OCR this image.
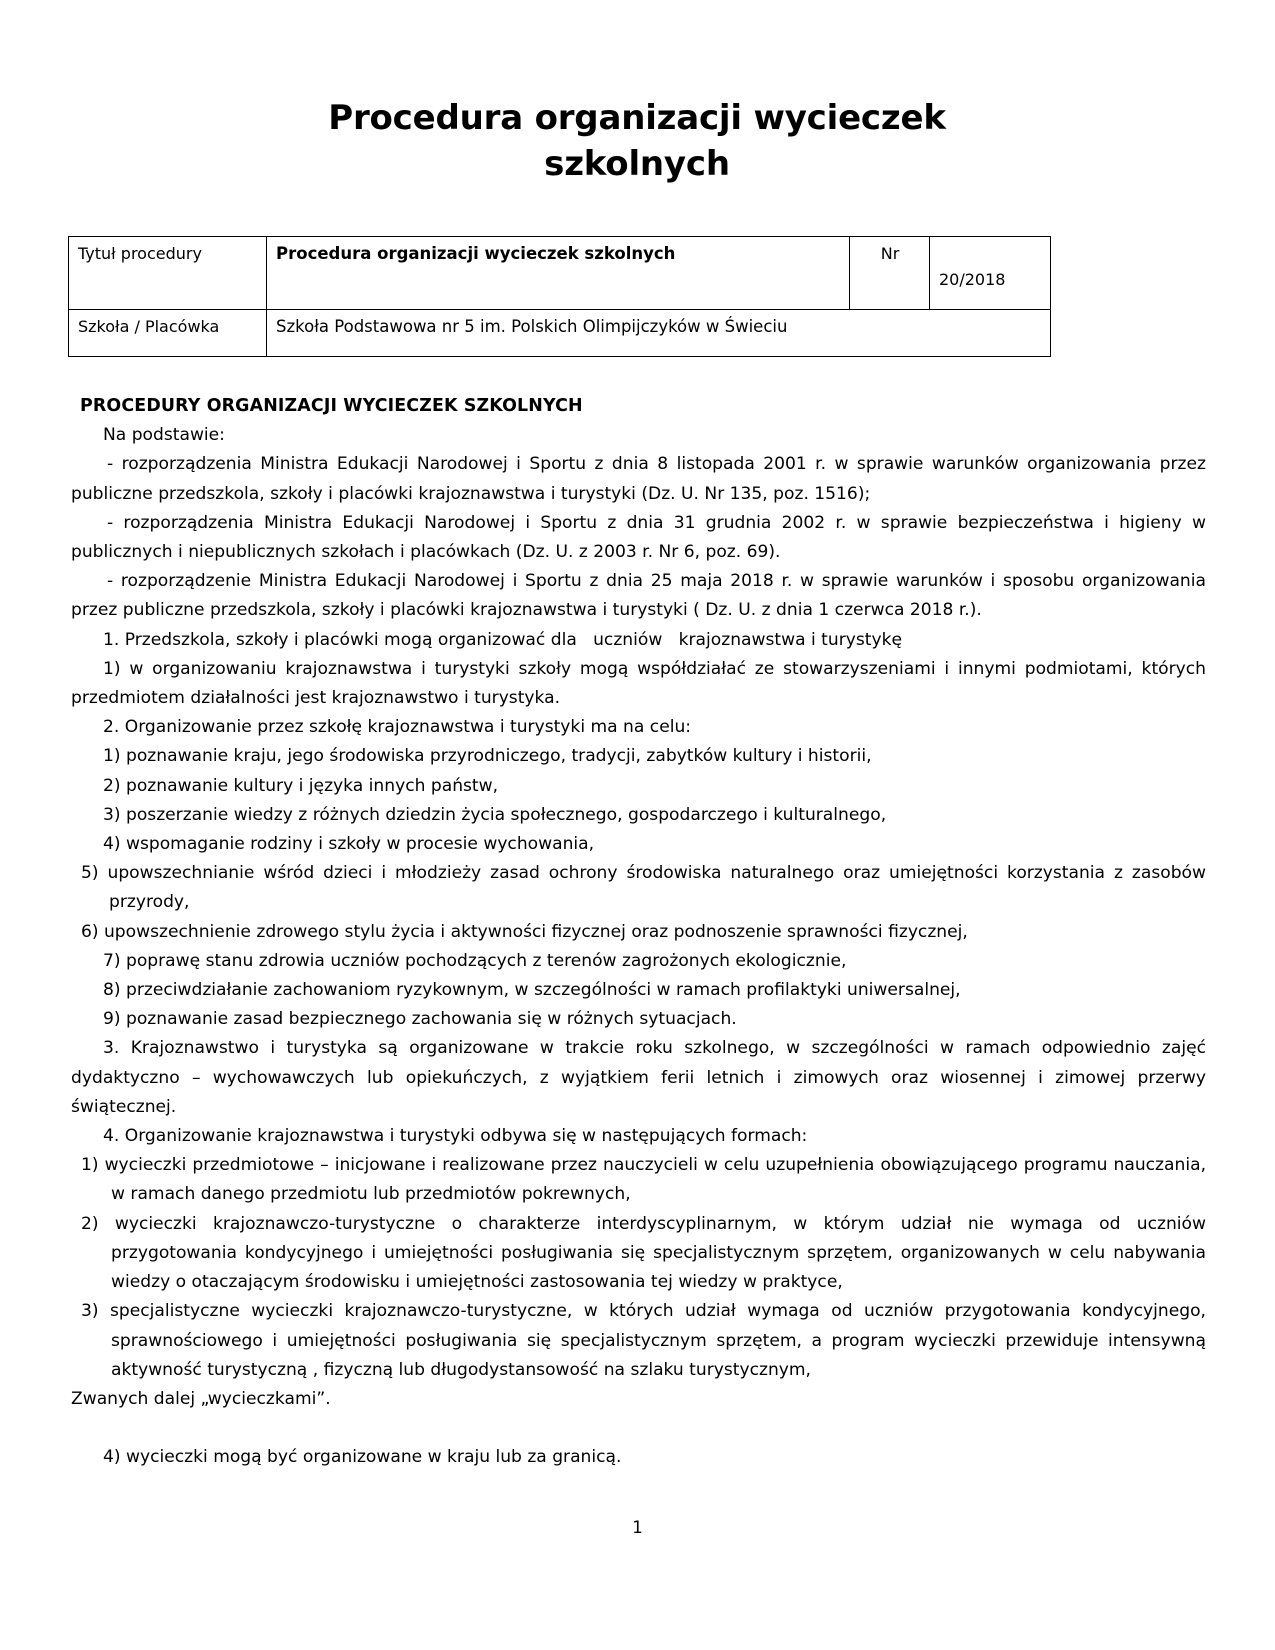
Procedura organizacji wycieczek szkolnych
Tytuł procedury	Procedura organizacji wycieczek szkolnych	Nr	20/2018

Szkoła / Placówka	Szkoła Podstawowa nr 5 im. Polskich Olimpijczyków w Świeciu		

PROCEDURY ORGANIZACJI WYCIECZEK SZKOLNYCH

Na podstawie:

- rozporządzenia Ministra Edukacji Narodowej i Sportu z dnia 8 listopada 2001 r. w sprawie warunków organizowania przez publiczne przedszkola, szkoły i placówki krajoznawstwa i turystyki (Dz. U. Nr 135, poz. 1516);

- rozporządzenia Ministra Edukacji Narodowej i Sportu z dnia 31 grudnia 2002 r. w sprawie bezpieczeństwa i higieny w publicznych i niepublicznych szkołach i placówkach (Dz. U. z 2003 r. Nr 6, poz. 69).

- rozporządzenie Ministra Edukacji Narodowej i Sportu z dnia 25 maja 2018 r. w sprawie warunków i sposobu organizowania przez publiczne przedszkola, szkoły i placówki krajoznawstwa i turystyki ( Dz. U. z dnia 1 czerwca 2018 r.).

1. Przedszkola, szkoły i placówki mogą organizować dla   uczniów   krajoznawstwa i turystykę

1) w organizowaniu krajoznawstwa i turystyki szkoły mogą współdziałać ze stowarzyszeniami i innymi podmiotami, których przedmiotem działalności jest krajoznawstwo i turystyka.

2. Organizowanie przez szkołę krajoznawstwa i turystyki ma na celu:

1) poznawanie kraju, jego środowiska przyrodniczego, tradycji, zabytków kultury i historii,

2) poznawanie kultury i języka innych państw,

3) poszerzanie wiedzy z różnych dziedzin życia społecznego, gospodarczego i kulturalnego,

4) wspomaganie rodziny i szkoły w procesie wychowania,

5) upowszechnianie wśród dzieci i młodzieży zasad ochrony środowiska naturalnego oraz umiejętności korzystania z zasobów przyrody,

6) upowszechnienie zdrowego stylu życia i aktywności fizycznej oraz podnoszenie sprawności fizycznej,

7) poprawę stanu zdrowia uczniów pochodzących z terenów zagrożonych ekologicznie,

8) przeciwdziałanie zachowaniom ryzykownym, w szczególności w ramach profilaktyki uniwersalnej,

9) poznawanie zasad bezpiecznego zachowania się w różnych sytuacjach.

3. Krajoznawstwo i turystyka są organizowane w trakcie roku szkolnego, w szczególności w ramach odpowiednio zajęć dydaktyczno – wychowawczych lub opiekuńczych, z wyjątkiem ferii letnich i zimowych oraz wiosennej i zimowej przerwy świątecznej.

4. Organizowanie krajoznawstwa i turystyki odbywa się w następujących formach:

1) wycieczki przedmiotowe – inicjowane i realizowane przez nauczycieli w celu uzupełnienia obowiązującego programu nauczania, w ramach danego przedmiotu lub przedmiotów pokrewnych,

2) wycieczki krajoznawczo-turystyczne o charakterze interdyscyplinarnym, w którym udział nie wymaga od uczniów przygotowania kondycyjnego i umiejętności posługiwania się specjalistycznym sprzętem, organizowanych w celu nabywania wiedzy o otaczającym środowisku i umiejętności zastosowania tej wiedzy w praktyce,

3) specjalistyczne wycieczki krajoznawczo-turystyczne, w których udział wymaga od uczniów przygotowania kondycyjnego, sprawnościowego i umiejętności posługiwania się specjalistycznym sprzętem, a program wycieczki przewiduje intensywną aktywność turystyczną , fizyczną lub długodystansowość na szlaku turystycznym,

Zwanych dalej „wycieczkami”.

4) wycieczki mogą być organizowane w kraju lub za granicą.

1
